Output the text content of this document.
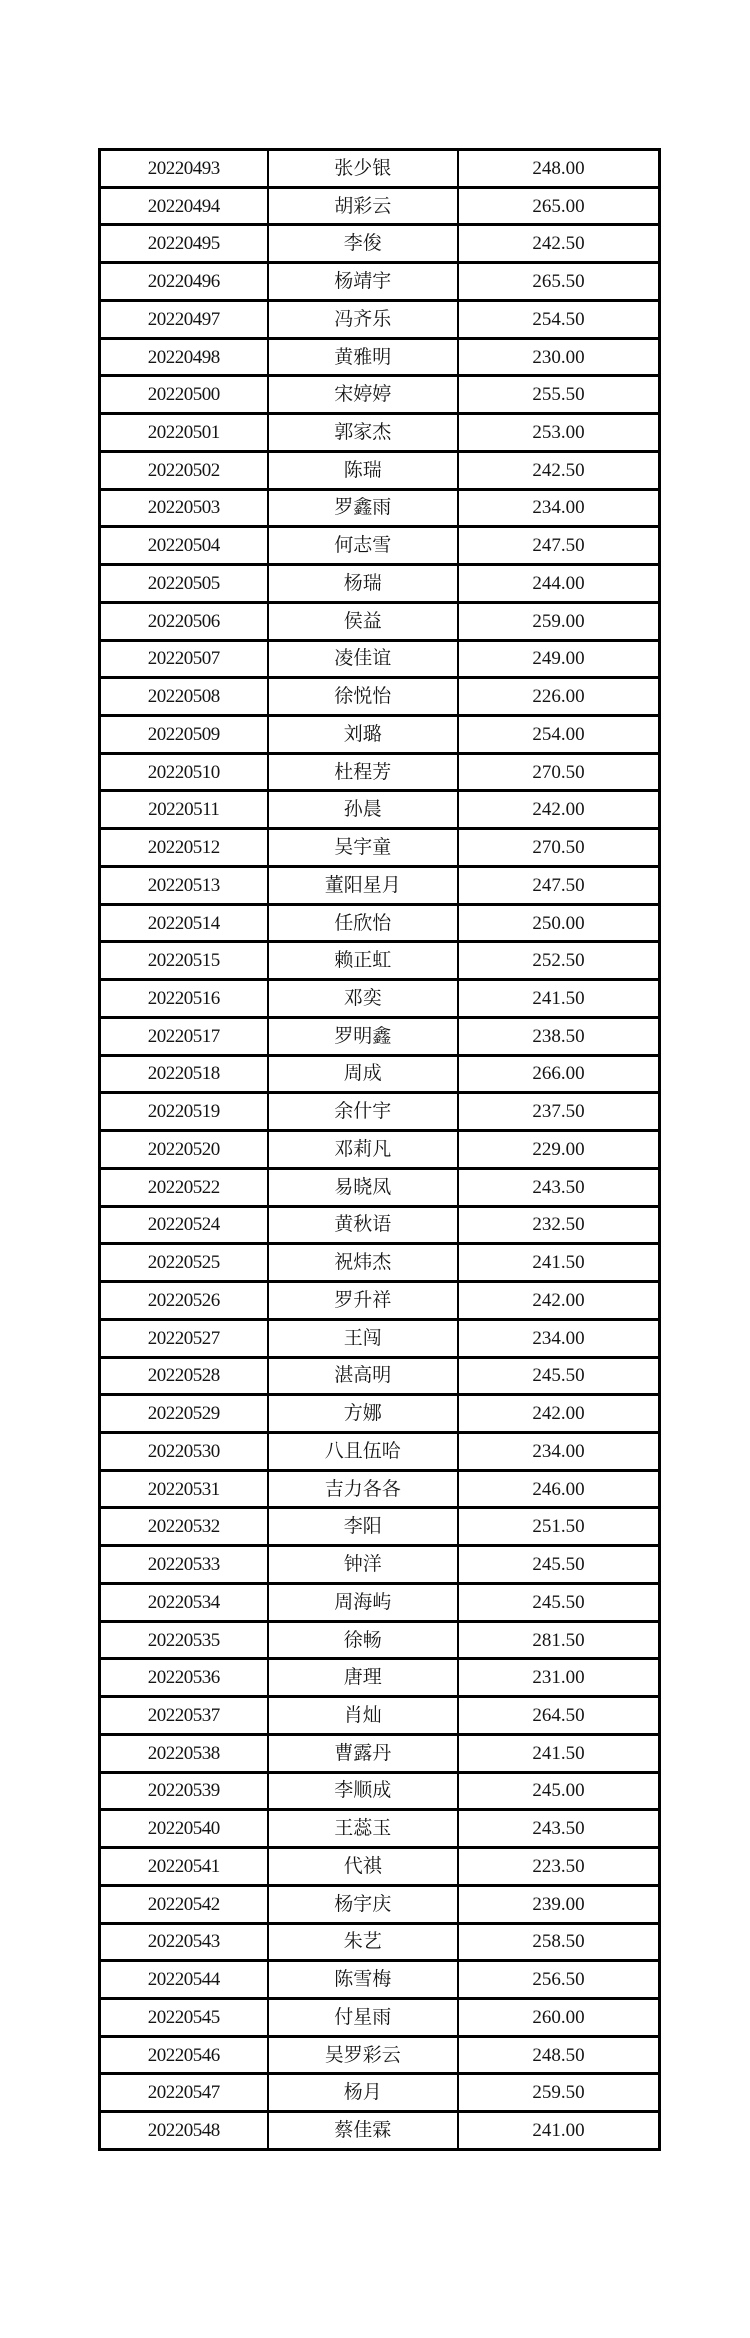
20220493	张少银	248.00
20220494	胡彩云	265.00
20220495	李俊	242.50
20220496	杨靖宇	265.50
20220497	冯齐乐	254.50
20220498	黄雅明	230.00
20220500	宋婷婷	255.50
20220501	郭家杰	253.00
20220502	陈瑞	242.50
20220503	罗鑫雨	234.00
20220504	何志雪	247.50
20220505	杨瑞	244.00
20220506	侯益	259.00
20220507	凌佳谊	249.00
20220508	徐悦怡	226.00
20220509	刘璐	254.00
20220510	杜程芳	270.50
20220511	孙晨	242.00
20220512	吴宇童	270.50
20220513	董阳星月	247.50
20220514	任欣怡	250.00
20220515	赖正虹	252.50
20220516	邓奕	241.50
20220517	罗明鑫	238.50
20220518	周成	266.00
20220519	余什宇	237.50
20220520	邓莉凡	229.00
20220522	易晓凤	243.50
20220524	黄秋语	232.50
20220525	祝炜杰	241.50
20220526	罗升祥	242.00
20220527	王闯	234.00
20220528	湛高明	245.50
20220529	方娜	242.00
20220530	八且伍哈	234.00
20220531	吉力各各	246.00
20220532	李阳	251.50
20220533	钟洋	245.50
20220534	周海屿	245.50
20220535	徐畅	281.50
20220536	唐理	231.00
20220537	肖灿	264.50
20220538	曹露丹	241.50
20220539	李顺成	245.00
20220540	王蕊玉	243.50
20220541	代祺	223.50
20220542	杨宇庆	239.00
20220543	朱艺	258.50
20220544	陈雪梅	256.50
20220545	付星雨	260.00
20220546	吴罗彩云	248.50
20220547	杨月	259.50
20220548	蔡佳霖	241.00
